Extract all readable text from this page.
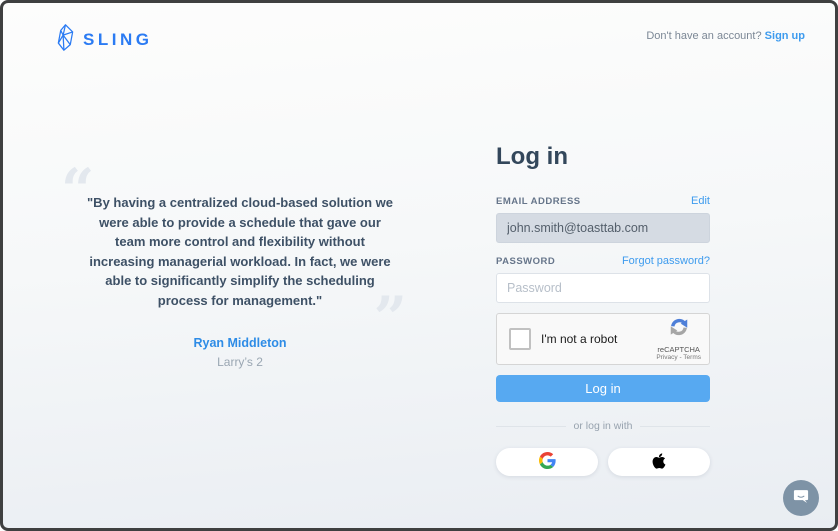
SLING	Don't have an account? Sign up
“
”
"By having a centralized cloud-based solution we were able to provide a schedule that gave our team more control and flexibility without increasing managerial workload. In fact, we were able to significantly simplify the scheduling process for management."
Ryan Middleton
Larry’s 2
Log in
EMAIL ADDRESS	Edit
john.smith@toasttab.com
PASSWORD	Forgot password?
Password
I'm not a robot
reCAPTCHA
Privacy - Terms
Log in
or log in with
